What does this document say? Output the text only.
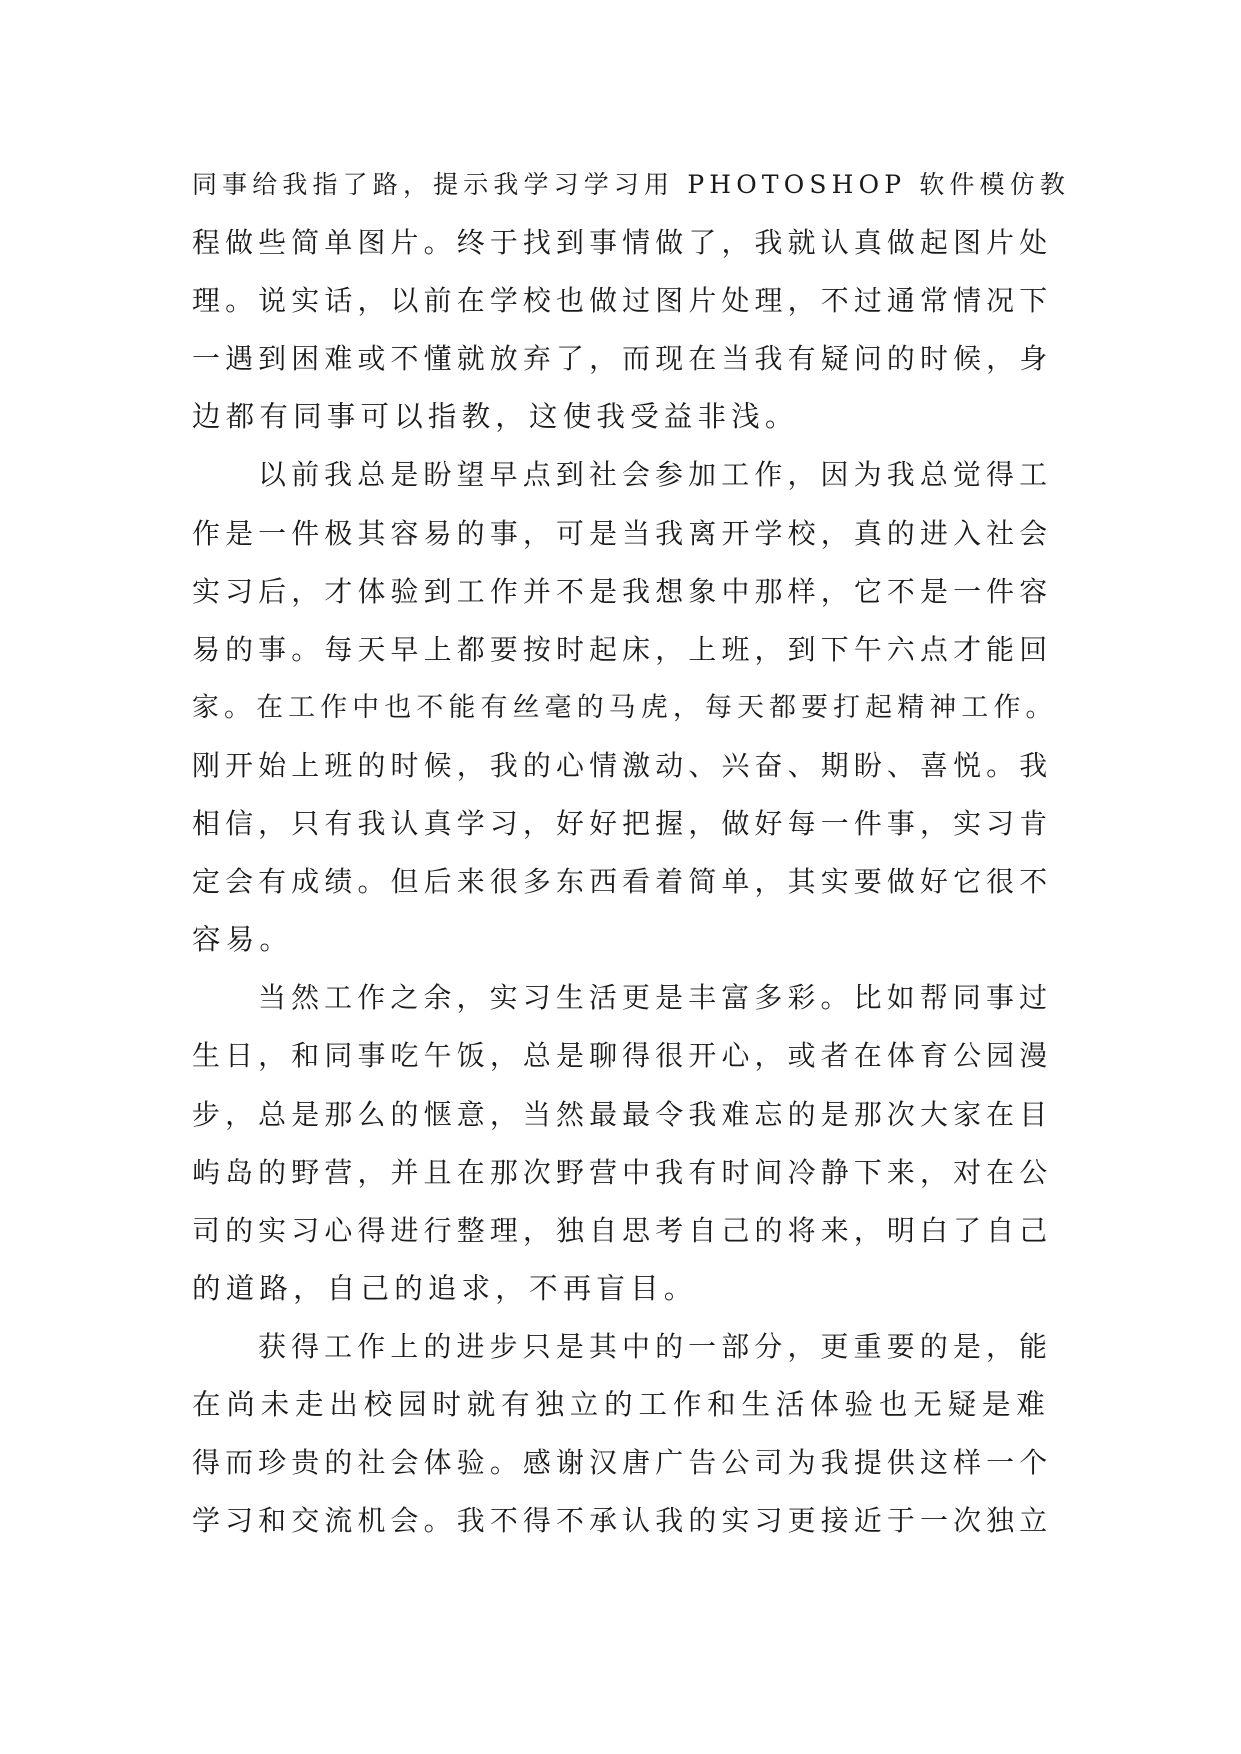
同事给我指了路，提示我学习学习用 PHOTOSHOP 软件模仿教
程做些简单图片。终于找到事情做了，我就认真做起图片处
理。说实话，以前在学校也做过图片处理，不过通常情况下
一遇到困难或不懂就放弃了，而现在当我有疑问的时候，身
边都有同事可以指教，这使我受益非浅。

以前我总是盼望早点到社会参加工作，因为我总觉得工
作是一件极其容易的事，可是当我离开学校，真的进入社会
实习后，才体验到工作并不是我想象中那样，它不是一件容
易的事。每天早上都要按时起床，上班，到下午六点才能回
家。在工作中也不能有丝毫的马虎，每天都要打起精神工作。
刚开始上班的时候，我的心情激动、兴奋、期盼、喜悦。我
相信，只有我认真学习，好好把握，做好每一件事，实习肯
定会有成绩。但后来很多东西看着简单，其实要做好它很不
容易。

当然工作之余，实习生活更是丰富多彩。比如帮同事过
生日，和同事吃午饭，总是聊得很开心，或者在体育公园漫
步，总是那么的惬意，当然最最令我难忘的是那次大家在目
屿岛的野营，并且在那次野营中我有时间冷静下来，对在公
司的实习心得进行整理，独自思考自己的将来，明白了自己
的道路，自己的追求，不再盲目。

获得工作上的进步只是其中的一部分，更重要的是，能
在尚未走出校园时就有独立的工作和生活体验也无疑是难
得而珍贵的社会体验。感谢汉唐广告公司为我提供这样一个
学习和交流机会。我不得不承认我的实习更接近于一次独立
